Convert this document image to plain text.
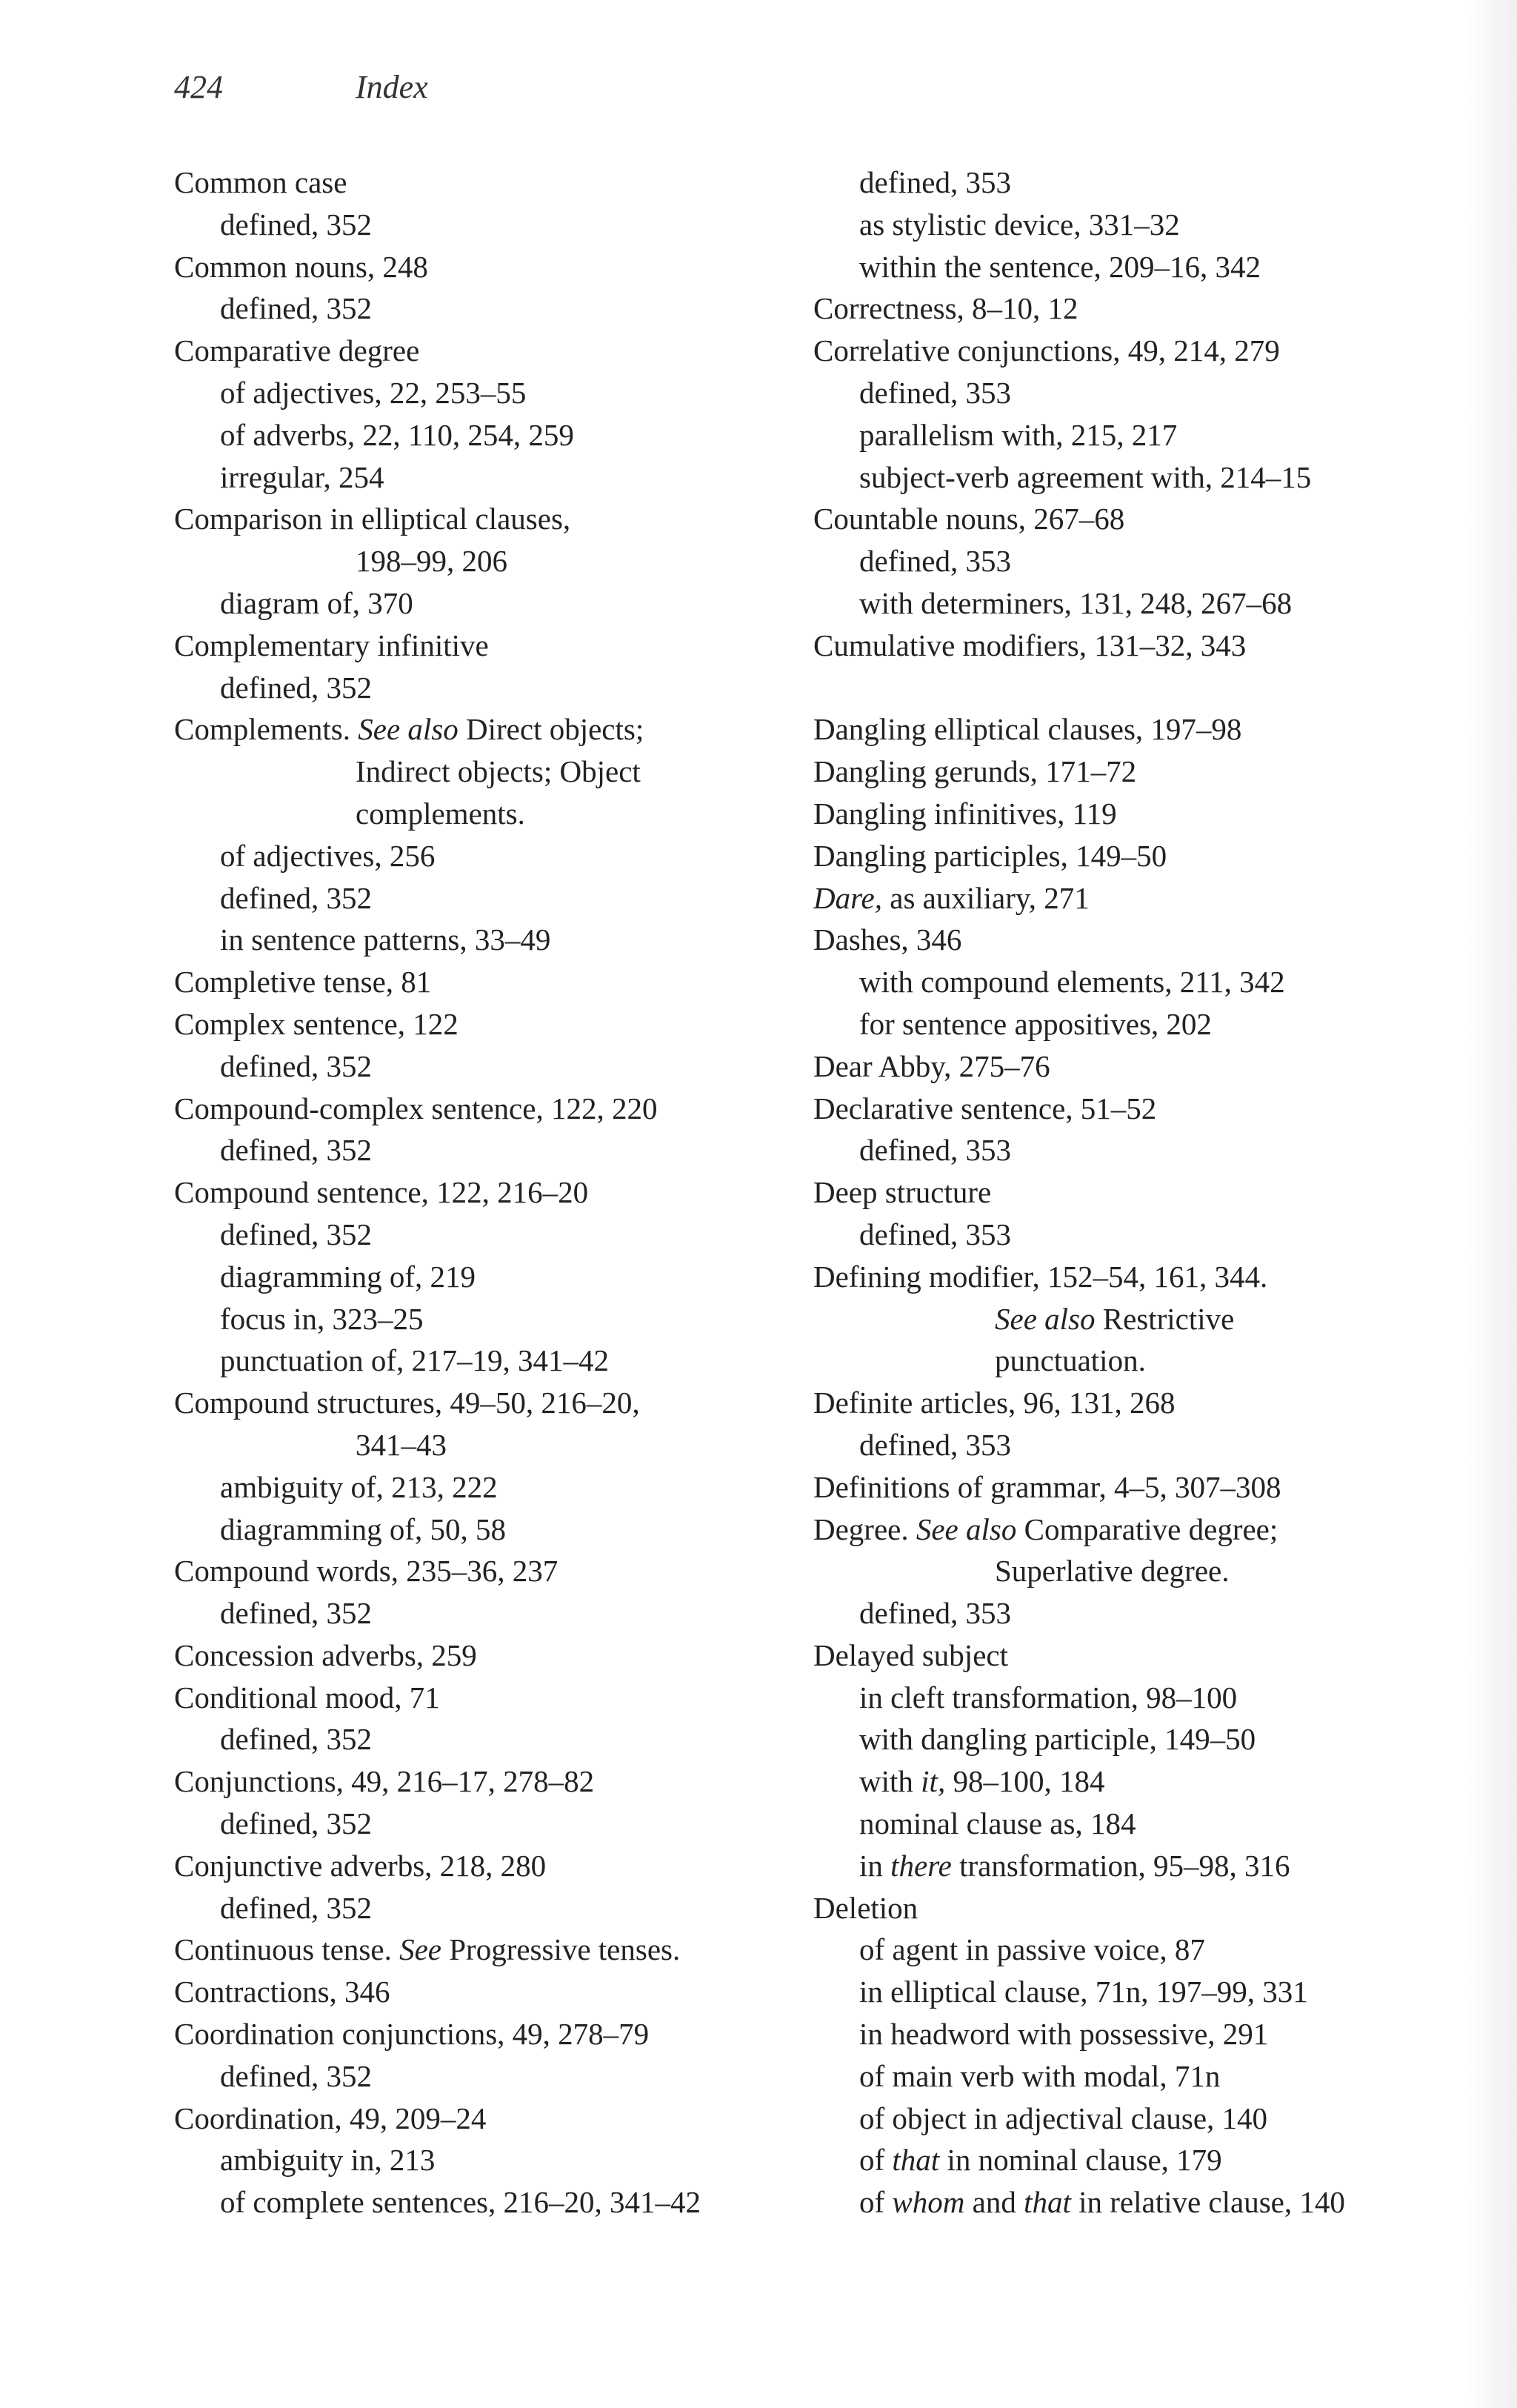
424	Index
Common case
defined, 352
Common nouns, 248
defined, 352
Comparative degree
of adjectives, 22, 253–55
of adverbs, 22, 110, 254, 259
irregular, 254
Comparison in elliptical clauses,
198–99, 206
diagram of, 370
Complementary infinitive
defined, 352
Complements. See also Direct objects;
Indirect objects; Object
complements.
of adjectives, 256
defined, 352
in sentence patterns, 33–49
Completive tense, 81
Complex sentence, 122
defined, 352
Compound-complex sentence, 122, 220
defined, 352
Compound sentence, 122, 216–20
defined, 352
diagramming of, 219
focus in, 323–25
punctuation of, 217–19, 341–42
Compound structures, 49–50, 216–20,
341–43
ambiguity of, 213, 222
diagramming of, 50, 58
Compound words, 235–36, 237
defined, 352
Concession adverbs, 259
Conditional mood, 71
defined, 352
Conjunctions, 49, 216–17, 278–82
defined, 352
Conjunctive adverbs, 218, 280
defined, 352
Continuous tense. See Progressive tenses.
Contractions, 346
Coordination conjunctions, 49, 278–79
defined, 352
Coordination, 49, 209–24
ambiguity in, 213
of complete sentences, 216–20, 341–42
defined, 353
as stylistic device, 331–32
within the sentence, 209–16, 342
Correctness, 8–10, 12
Correlative conjunctions, 49, 214, 279
defined, 353
parallelism with, 215, 217
subject-verb agreement with, 214–15
Countable nouns, 267–68
defined, 353
with determiners, 131, 248, 267–68
Cumulative modifiers, 131–32, 343
Dangling elliptical clauses, 197–98
Dangling gerunds, 171–72
Dangling infinitives, 119
Dangling participles, 149–50
Dare, as auxiliary, 271
Dashes, 346
with compound elements, 211, 342
for sentence appositives, 202
Dear Abby, 275–76
Declarative sentence, 51–52
defined, 353
Deep structure
defined, 353
Defining modifier, 152–54, 161, 344.
See also Restrictive
punctuation.
Definite articles, 96, 131, 268
defined, 353
Definitions of grammar, 4–5, 307–308
Degree. See also Comparative degree;
Superlative degree.
defined, 353
Delayed subject
in cleft transformation, 98–100
with dangling participle, 149–50
with it, 98–100, 184
nominal clause as, 184
in there transformation, 95–98, 316
Deletion
of agent in passive voice, 87
in elliptical clause, 71n, 197–99, 331
in headword with possessive, 291
of main verb with modal, 71n
of object in adjectival clause, 140
of that in nominal clause, 179
of whom and that in relative clause, 140
